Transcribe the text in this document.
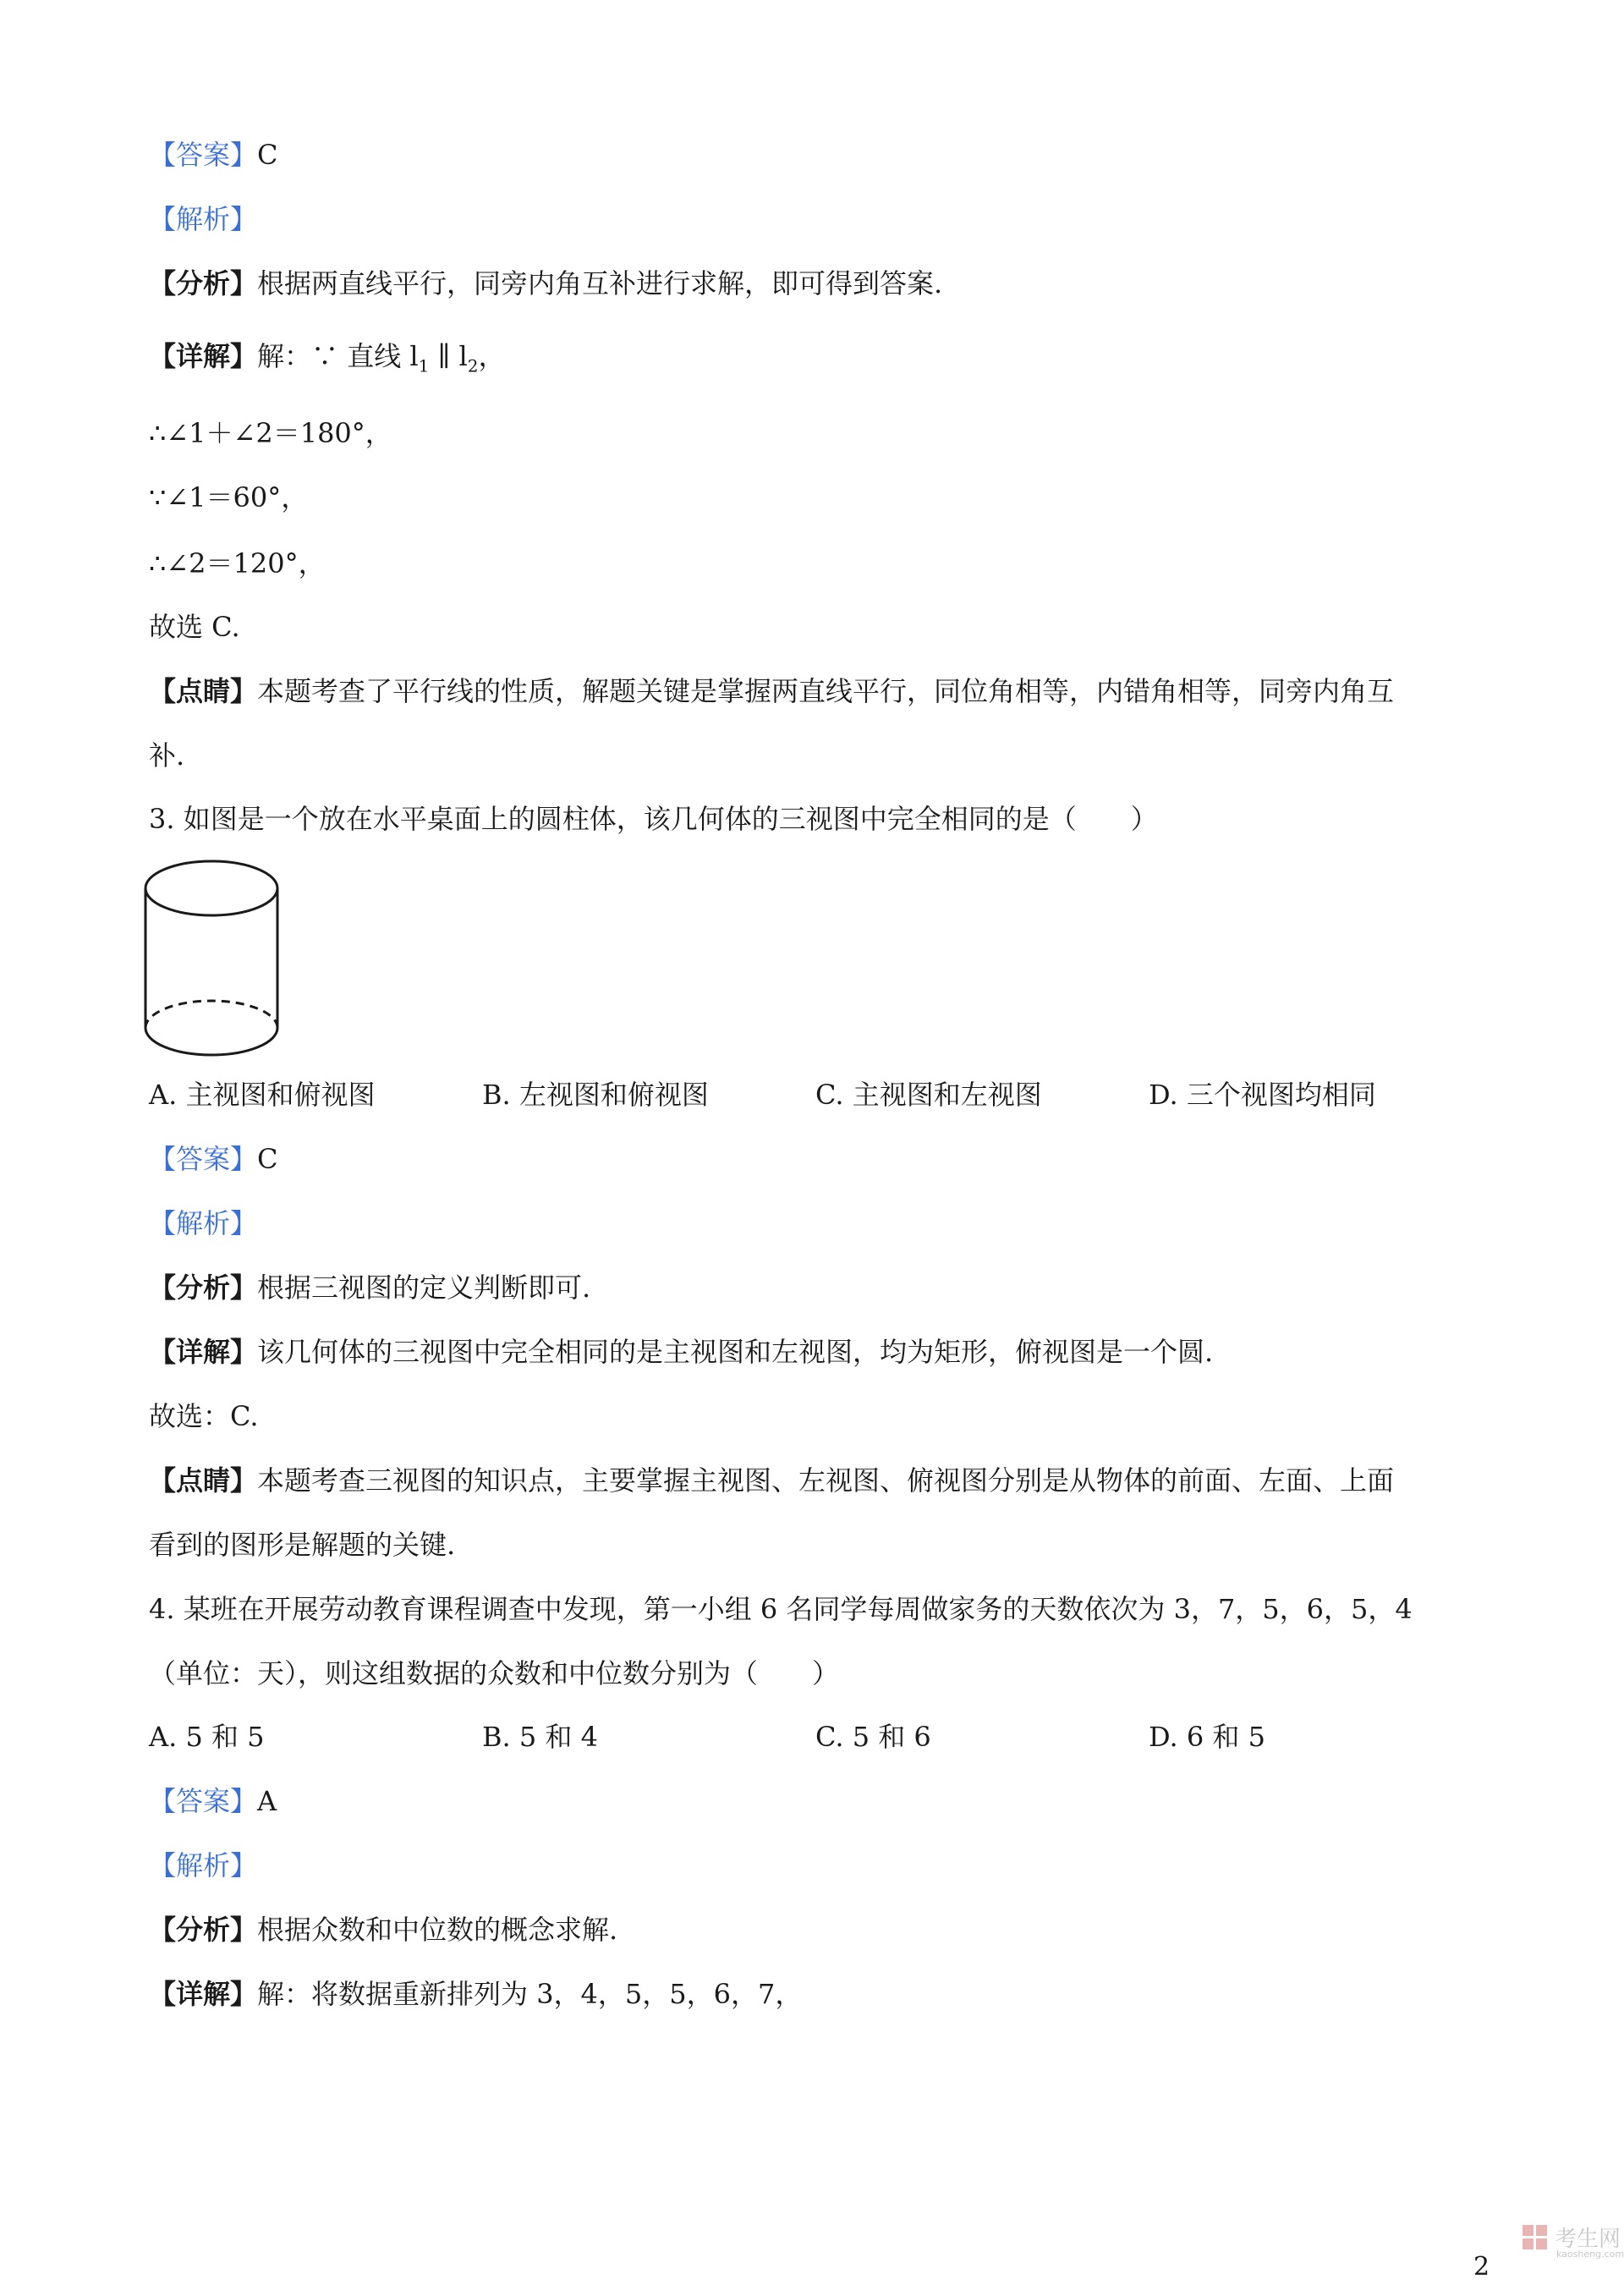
【答案】C
【解析】
【分析】根据两直线平行，同旁内角互补进行求解，即可得到答案.
【详解】解：∵ 直线 $l_1$ ∥ $l_2$，
∴∠1＋∠2＝180°，
∵∠1＝60°，
∴∠2＝120°，
故选 C.
【点睛】本题考查了平行线的性质，解题关键是掌握两直线平行，同位角相等，内错角相等，同旁内角互
补.
3. 如图是一个放在水平桌面上的圆柱体，该几何体的三视图中完全相同的是（　　）
A. 主视图和俯视图	B. 左视图和俯视图	C. 主视图和左视图	D. 三个视图均相同
【答案】C
【解析】
【分析】根据三视图的定义判断即可.
【详解】该几何体的三视图中完全相同的是主视图和左视图，均为矩形，俯视图是一个圆.
故选：C.
【点睛】本题考查三视图的知识点，主要掌握主视图、左视图、俯视图分别是从物体的前面、左面、上面
看到的图形是解题的关键.
4. 某班在开展劳动教育课程调查中发现，第一小组 6 名同学每周做家务的天数依次为 3，7，5，6，5，4
（单位：天），则这组数据的众数和中位数分别为（　　）
A. 5 和 5	B. 5 和 4	C. 5 和 6	D. 6 和 5
【答案】A
【解析】
【分析】根据众数和中位数的概念求解.
【详解】解：将数据重新排列为 3，4，5，5，6，7，
2
考生网
kaosheng.com
